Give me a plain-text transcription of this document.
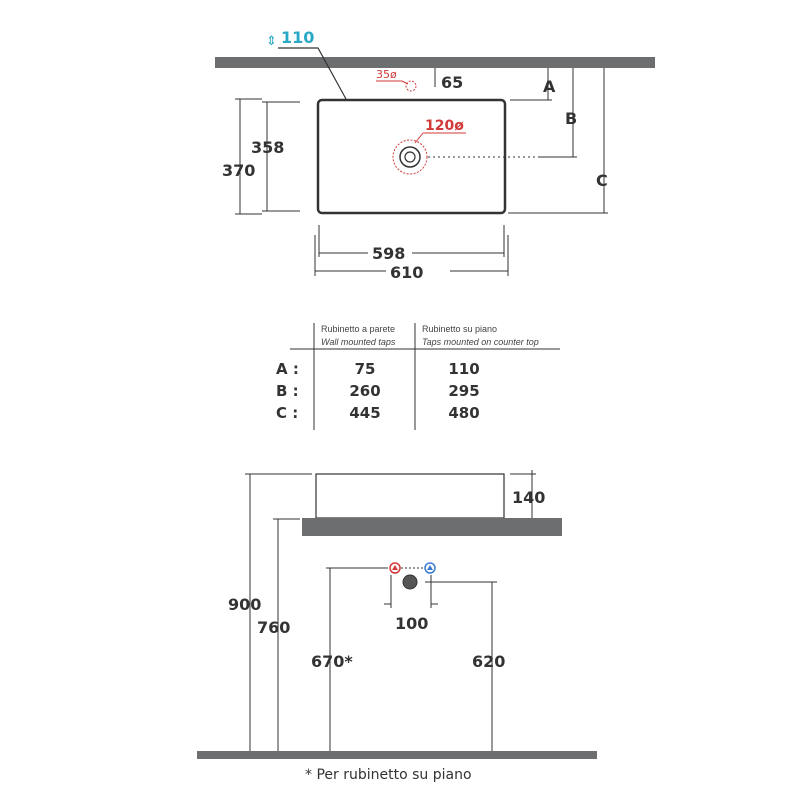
⇕ 110
35ø	65
120ø
A
B
C
358
370
598
610
Rubinetto a parete
Wall mounted taps
Rubinetto su piano
Taps mounted on counter top
A :	75	110
B :	260	295
C :	445	480
140
900
760
670*	620
100
* Per rubinetto su piano
